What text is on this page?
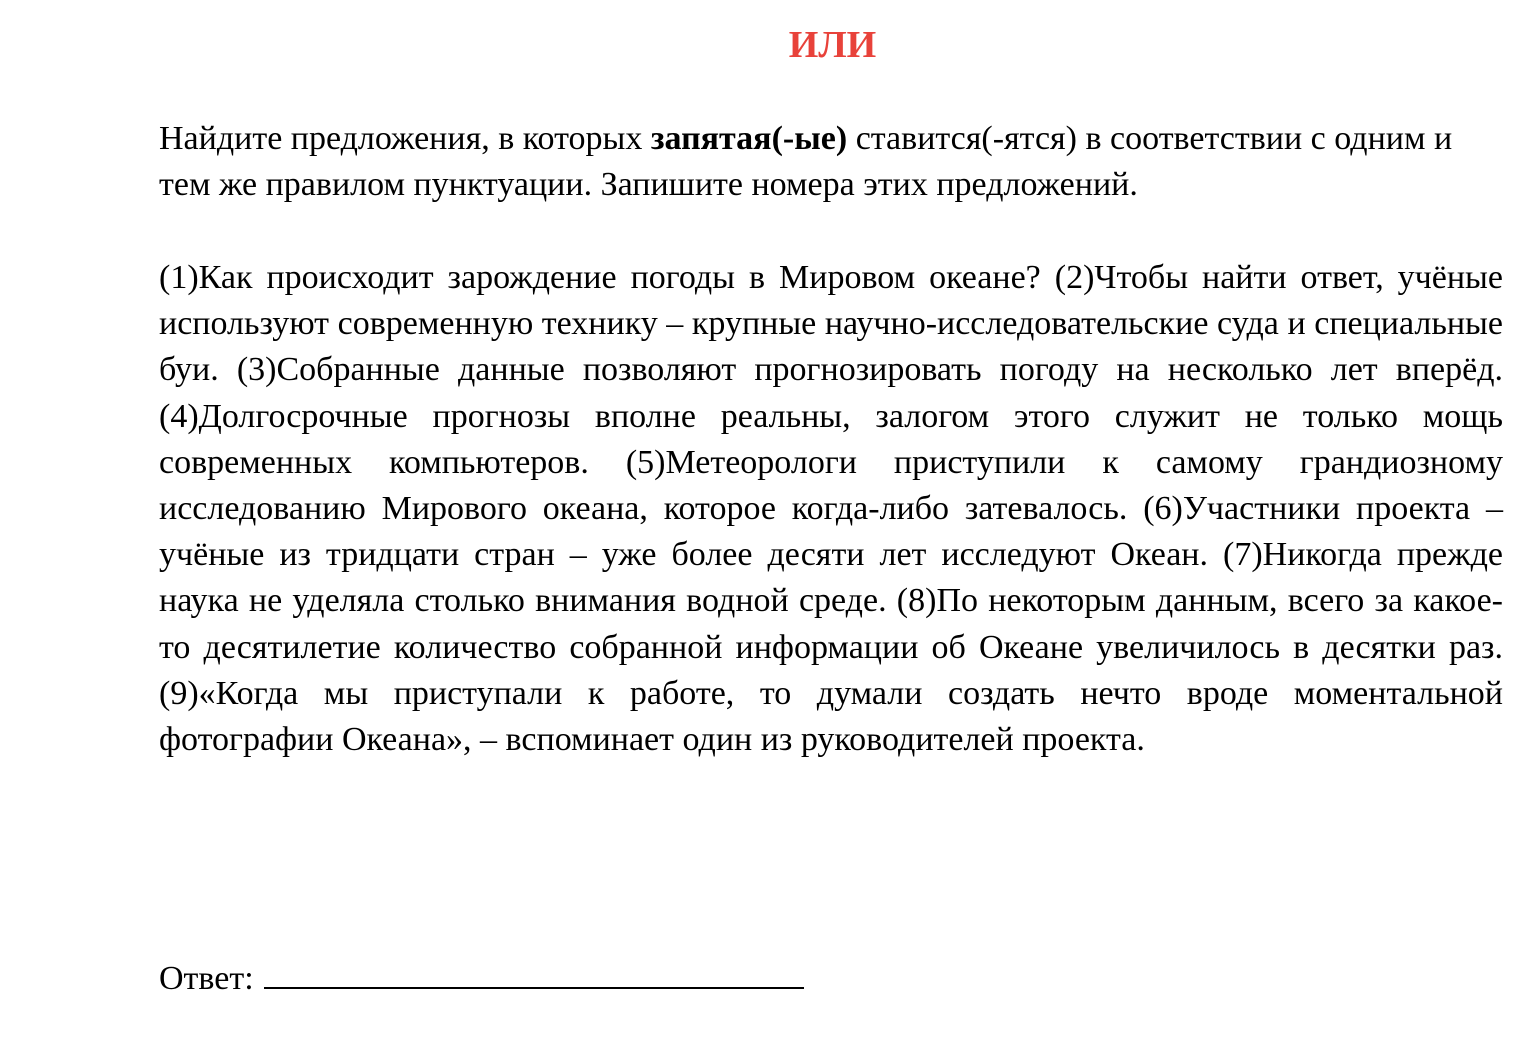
ИЛИ

Найдите предложения, в которых запятая(-ые) ставится(-ятся) в соответствии с одним и тем же правилом пунктуации. Запишите номера этих предложений.

(1)Как происходит зарождение погоды в Мировом океане? (2)Чтобы найти ответ, учёные используют современную технику – крупные научно-исследовательские суда и специальные буи. (3)Собранные данные позволяют прогнозировать погоду на несколько лет вперёд. (4)Долгосрочные прогнозы вполне реальны, залогом этого служит не только мощь современных компьютеров. (5)Метеорологи приступили к самому грандиозному исследованию Мирового океана, которое когда-либо затевалось. (6)Участники проекта – учёные из тридцати стран – уже более десяти лет исследуют Океан. (7)Никогда прежде наука не уделяла столько внимания водной среде. (8)По некоторым данным, всего за какое-то десятилетие количество собранной информации об Океане увеличилось в десятки раз. (9)«Когда мы приступали к работе, то думали создать нечто вроде моментальной фотографии Океана», – вспоминает один из руководителей проекта.

Ответ:
